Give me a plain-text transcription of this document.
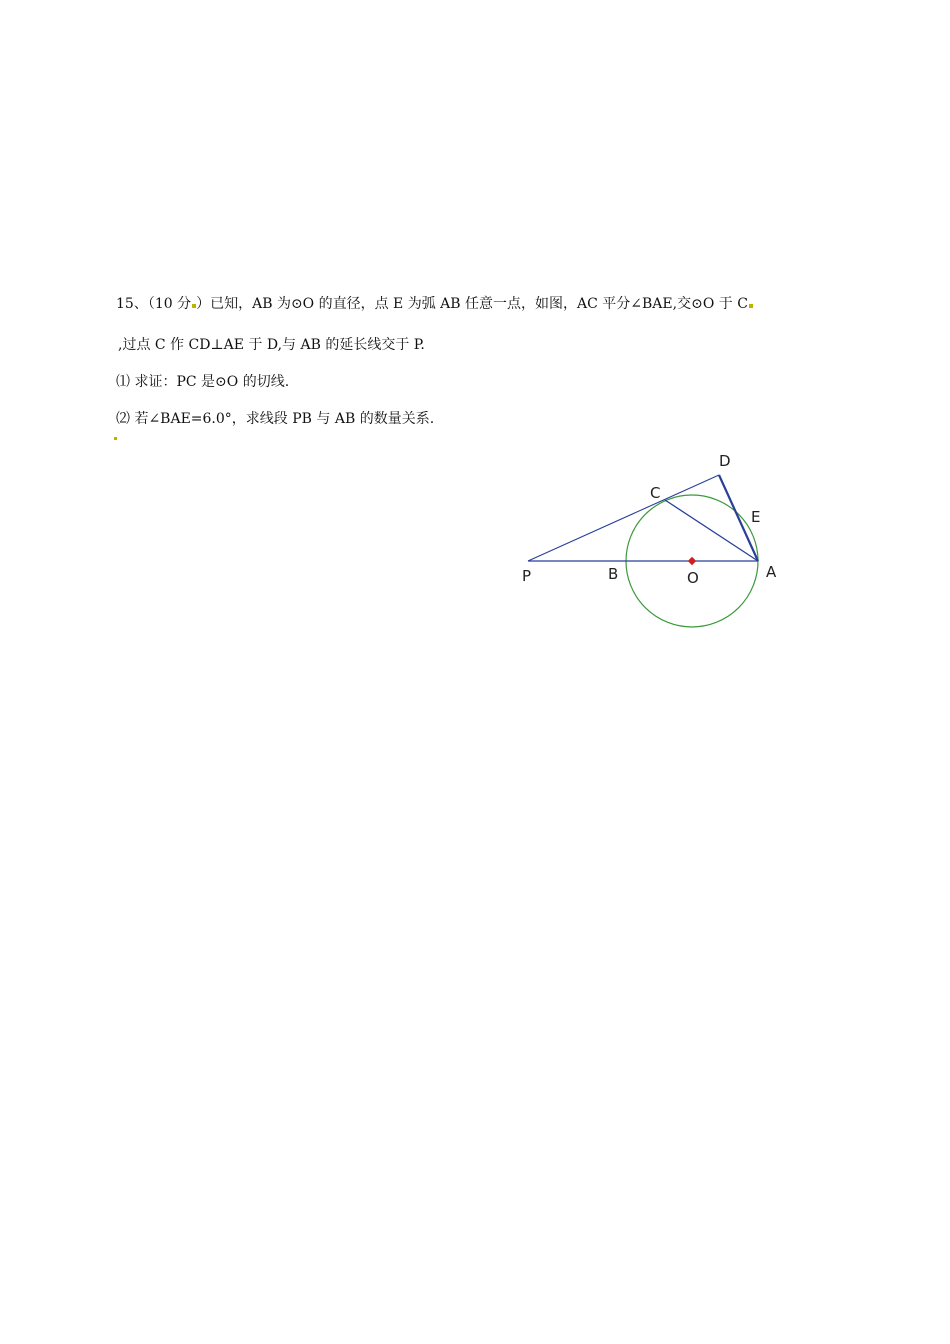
15、（10 分 ）已知，AB 为⊙O 的直径，点 E 为弧 AB 任意一点，如图，AC 平分∠BAE,交⊙O 于 C
,过点 C 作 CD⊥AE 于 D,与 AB 的延长线交于 P.
⑴ 求证：PC 是⊙O 的切线.
⑵ 若∠BAE=6.0°，求线段 PB 与 AB 的数量关系.
P	B	O	A
C
D
E
